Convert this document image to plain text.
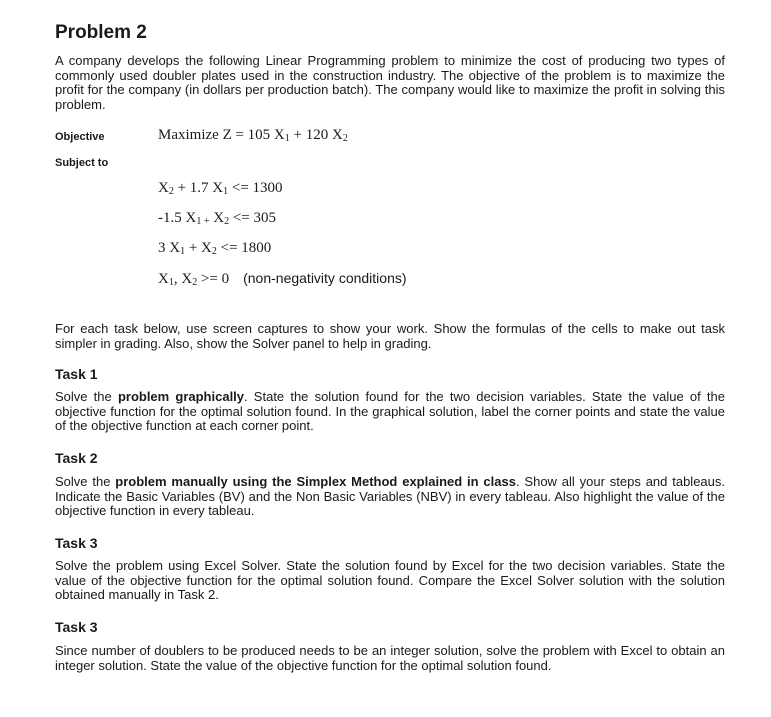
Problem 2

A company develops the following Linear Programming problem to minimize the cost of producing two types of commonly used doubler plates used in the construction industry. The objective of the problem is to maximize the profit for the company (in dollars per production batch). The company would like to maximize the profit in solving this problem.

Objective	Maximize Z = 105 $X_1 + 120$ $X_2$
Subject to
$X_2 + 1.7$ $X_1 <= 1300$
-1.5 $X_{1 +}$ $X_2 <= 305$
3 $X_1 + X_2 <= 1800$
$X_1$, $X_2 >= 0$ (non-negativity conditions)

For each task below, use screen captures to show your work. Show the formulas of the cells to make out task simpler in grading. Also, show the Solver panel to help in grading.

Task 1

Solve the problem graphically. State the solution found for the two decision variables. State the value of the objective function for the optimal solution found. In the graphical solution, label the corner points and state the value of the objective function at each corner point.

Task 2

Solve the problem manually using the Simplex Method explained in class. Show all your steps and tableaus. Indicate the Basic Variables (BV) and the Non Basic Variables (NBV) in every tableau. Also highlight the value of the objective function in every tableau.

Task 3

Solve the problem using Excel Solver. State the solution found by Excel for the two decision variables. State the value of the objective function for the optimal solution found. Compare the Excel Solver solution with the solution obtained manually in Task 2.

Task 3

Since number of doublers to be produced needs to be an integer solution, solve the problem with Excel to obtain an integer solution. State the value of the objective function for the optimal solution found.
